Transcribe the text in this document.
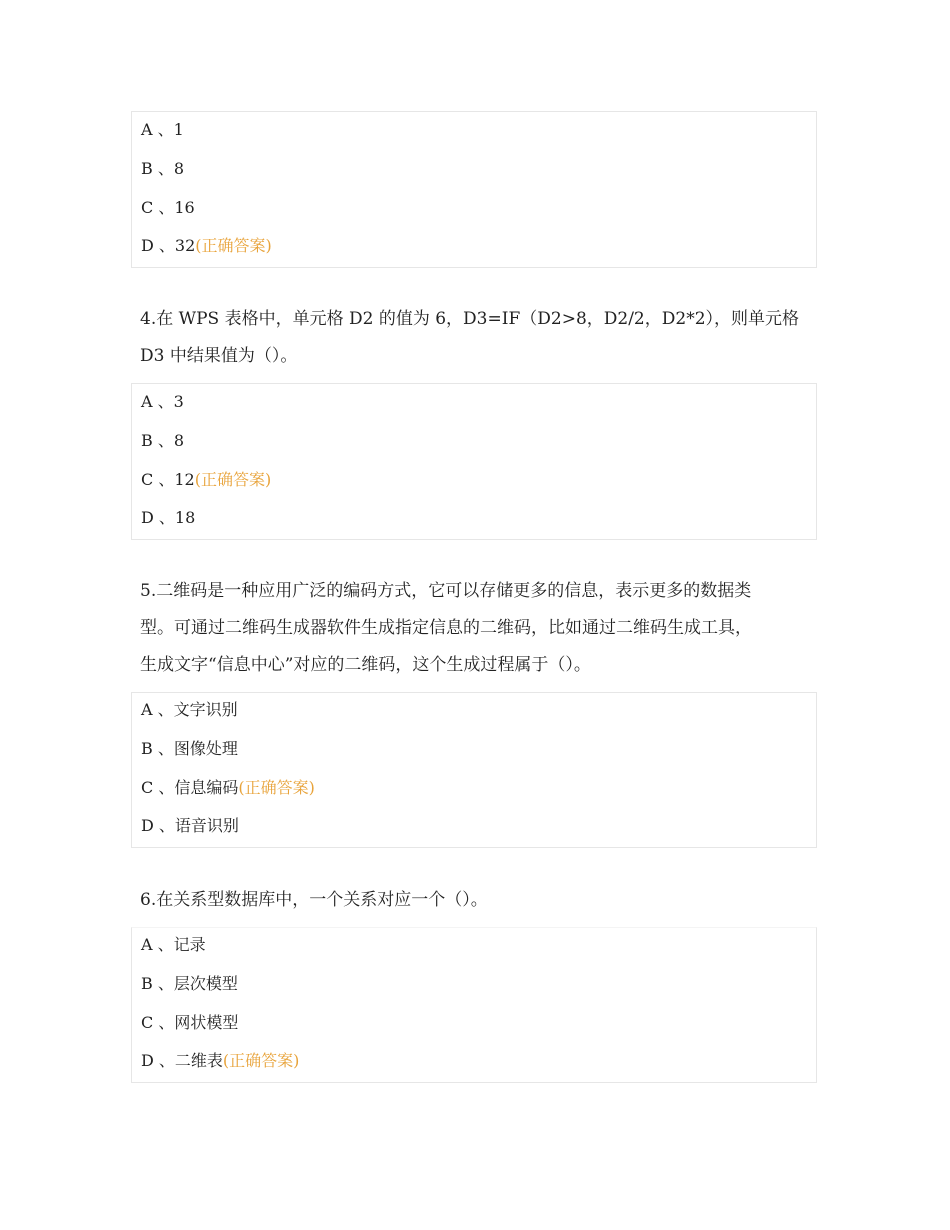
A 、1
B 、8
C 、16
D 、32(正确答案)
4.在 WPS 表格中，单元格 D2 的值为 6，D3=IF（D2>8，D2/2，D2*2），则单元格
D3 中结果值为（）。
A 、3
B 、8
C 、12(正确答案)
D 、18
5.二维码是一种应用广泛的编码方式，它可以存储更多的信息，表示更多的数据类
型。可通过二维码生成器软件生成指定信息的二维码，比如通过二维码生成工具，
生成文字“信息中心”对应的二维码，这个生成过程属于（）。
A 、文字识别
B 、图像处理
C 、信息编码(正确答案)
D 、语音识别
6.在关系型数据库中，一个关系对应一个（）。
A 、记录
B 、层次模型
C 、网状模型
D 、二维表(正确答案)
